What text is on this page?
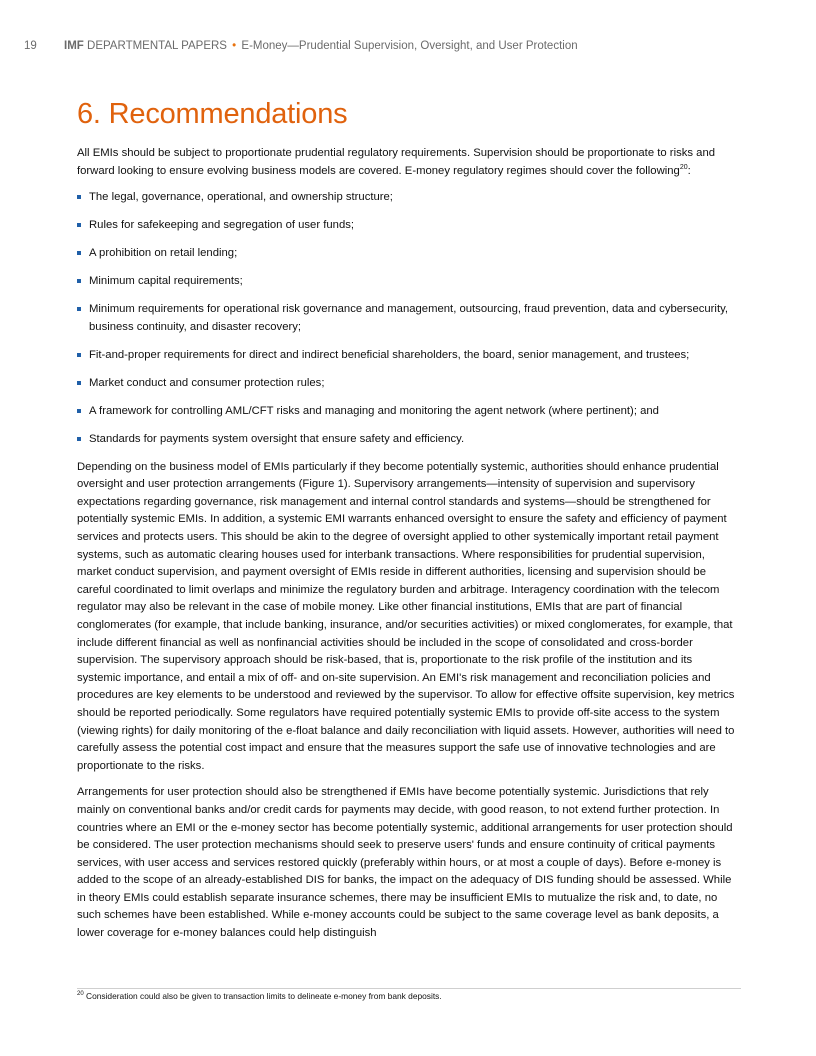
19 IMF DEPARTMENTAL PAPERS • E-Money—Prudential Supervision, Oversight, and User Protection
6. Recommendations

All EMIs should be subject to proportionate prudential regulatory requirements. Supervision should be proportionate to risks and forward looking to ensure evolving business models are covered. E-money regulatory regimes should cover the following$^{20}$:

The legal, governance, operational, and ownership structure;
Rules for safekeeping and segregation of user funds;
A prohibition on retail lending;
Minimum capital requirements;
Minimum requirements for operational risk governance and management, outsourcing, fraud prevention, data and cybersecurity, business continuity, and disaster recovery;
Fit-and-proper requirements for direct and indirect beneficial shareholders, the board, senior management, and trustees;
Market conduct and consumer protection rules;
A framework for controlling AML/CFT risks and managing and monitoring the agent network (where pertinent); and
Standards for payments system oversight that ensure safety and efficiency.

Depending on the business model of EMIs particularly if they become potentially systemic, authorities should enhance prudential oversight and user protection arrangements (Figure 1). Supervisory arrangements—intensity of supervision and supervisory expectations regarding governance, risk management and internal control standards and systems—should be strengthened for potentially systemic EMIs. In addition, a systemic EMI warrants enhanced oversight to ensure the safety and efficiency of payment services and protects users. This should be akin to the degree of oversight applied to other systemically important retail payment systems, such as automatic clearing houses used for interbank transactions. Where responsibilities for prudential supervision, market conduct supervision, and payment oversight of EMIs reside in different authorities, licensing and supervision should be careful coordinated to limit overlaps and minimize the regulatory burden and arbitrage. Interagency coordination with the telecom regulator may also be relevant in the case of mobile money. Like other financial institutions, EMIs that are part of financial conglomerates (for example, that include banking, insurance, and/or securities activities) or mixed conglomerates, for example, that include different financial as well as nonfinancial activities should be included in the scope of consolidated and cross-border supervision. The supervisory approach should be risk-based, that is, proportionate to the risk profile of the institution and its systemic importance, and entail a mix of off- and on-site supervision. An EMI's risk management and reconciliation policies and procedures are key elements to be understood and reviewed by the supervisor. To allow for effective offsite supervision, key metrics should be reported periodically. Some regulators have required potentially systemic EMIs to provide off-site access to the system (viewing rights) for daily monitoring of the e-float balance and daily reconciliation with liquid assets. However, authorities will need to carefully assess the potential cost impact and ensure that the measures support the safe use of innovative technologies and are proportionate to the risks.

Arrangements for user protection should also be strengthened if EMIs have become potentially systemic. Jurisdictions that rely mainly on conventional banks and/or credit cards for payments may decide, with good reason, to not extend further protection. In countries where an EMI or the e-money sector has become potentially systemic, additional arrangements for user protection should be considered. The user protection mechanisms should seek to preserve users' funds and ensure continuity of critical payments services, with user access and services restored quickly (preferably within hours, or at most a couple of days). Before e-money is added to the scope of an already-established DIS for banks, the impact on the adequacy of DIS funding should be assessed. While in theory EMIs could establish separate insurance schemes, there may be insufficient EMIs to mutualize the risk and, to date, no such schemes have been established. While e-money accounts could be subject to the same coverage level as bank deposits, a lower coverage for e-money balances could help distinguish

$^{20}$ Consideration could also be given to transaction limits to delineate e-money from bank deposits.
